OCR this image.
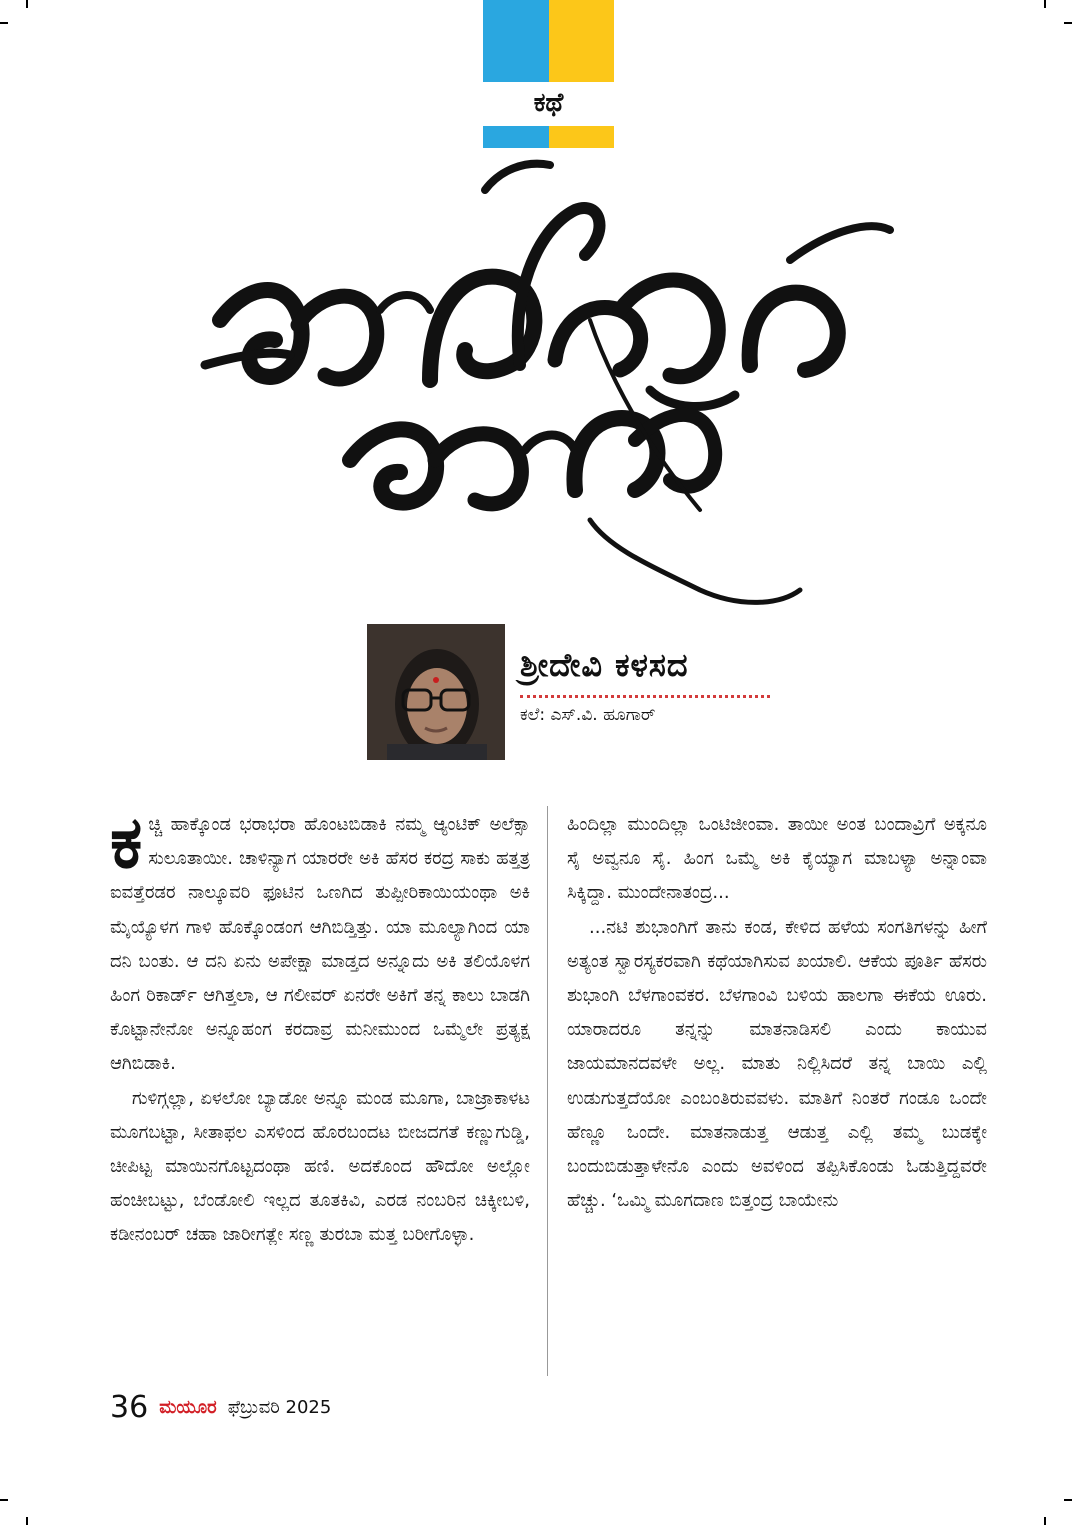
ಕಥೆ
ಶ್ರೀದೇವಿ ಕಳಸದ
ಕಲೆ: ಎಸ್‌.ವಿ. ಹೂಗಾರ್

ಕಚ್ಚಿ ಹಾಕ್ಕೊಂಡ ಭರಾಭರಾ ಹೊಂಟಬಿಡಾಕಿ ನಮ್ಮ ಆ್ಯಂಟಿಕ್ ಅಲೆಕ್ಸಾ ಸುಲೂತಾಯೀ. ಚಾಳಿನ್ಯಾಗ ಯಾರರೇ ಅಕಿ ಹೆಸರ ಕರದ್ರ ಸಾಕು ಹತ್ತತ್ರ ಐವತ್ತೆರಡರ ನಾಲ್ಕೂವರಿ ಫೂಟಿನ ಒಣಗಿದ ತುಪ್ಪೀರಿಕಾಯಿಯಂಥಾ ಅಕಿ ಮೈಯ್ಯೊಳಗ ಗಾಳಿ ಹೊಕ್ಕೊಂಡಂಗ ಆಗಿಬಿಡ್ತಿತ್ತು. ಯಾ ಮೂಲ್ಯಾಗಿಂದ ಯಾ ದನಿ ಬಂತು. ಆ ದನಿ ಏನು ಅಪೇಕ್ಷಾ ಮಾಡ್ತದ ಅನ್ನೂದು ಅಕಿ ತಲಿಯೊಳಗ ಹಿಂಗ ರಿಕಾರ್ಡ್ ಆಗಿತ್ತಲಾ, ಆ ಗಲೀವರ್ ಏನರೇ ಅಕಿಗೆ ತನ್ನ ಕಾಲು ಬಾಡಗಿ ಕೊಟ್ಟಾನೇನೋ ಅನ್ನೂಹಂಗ ಕರದಾವ್ರ ಮನೀಮುಂದ ಒಮ್ಮೆಲೇ ಪ್ರತ್ಯಕ್ಷ ಆಗಿಬಿಡಾಕಿ.

ಗುಳಿಗ್ಗಲ್ಲಾ, ಏಳಲೋ ಬ್ಯಾಡೋ ಅನ್ನೂ ಮಂಡ ಮೂಗಾ, ಬಾಜ್ರಾಕಾಳಟ ಮೂಗಬಟ್ಟಾ, ಸೀತಾಫಲ ಎಸಳಿಂದ ಹೊರಬಂದಟ ಬೀಜದಗತೆ ಕಣ್ಣುಗುಡ್ಡಿ, ಚೀಪಿಟ್ಟ ಮಾಯಿನಗೊಟ್ಟದಂಥಾ ಹಣಿ. ಅದಕೊಂದ ಹೌದೋ ಅಲ್ಲೋ ಹಂಚೀಬಟ್ಟು, ಬೆಂಡೋಲಿ ಇಲ್ಲದ ತೂತಕಿವಿ, ಎರಡ ನಂಬರಿನ ಚಿಕ್ಕೀಬಳಿ, ಕಡೀನಂಬರ್ ಚಹಾ ಜಾರೀಗತ್ಲೇ ಸಣ್ಣ ತುರಬಾ ಮತ್ತ ಬರೀಗೊಳ್ಳಾ.

ಹಿಂದಿಲ್ಲಾ ಮುಂದಿಲ್ಲಾ ಒಂಟಿಜೀಂವಾ. ತಾಯೀ ಅಂತ ಬಂದಾವ್ರಿಗೆ ಅಕ್ಕನೂ ಸೈ ಅವ್ವನೂ ಸೈ. ಹಿಂಗ ಒಮ್ಮೆ ಅಕಿ ಕೈಯ್ಯಾಗ ಮಾಬಳ್ಯಾ ಅನ್ನಾಂವಾ ಸಿಕ್ಕಿದ್ದಾ. ಮುಂದೇನಾತಂದ್ರ...

...ನಟಿ ಶುಭಾಂಗಿಗೆ ತಾನು ಕಂಡ, ಕೇಳಿದ ಹಳೆಯ ಸಂಗತಿಗಳನ್ನು ಹೀಗೆ ಅತ್ಯಂತ ಸ್ವಾರಸ್ಯಕರವಾಗಿ ಕಥೆಯಾಗಿಸುವ ಖಯಾಲಿ. ಆಕೆಯ ಪೂರ್ತಿ ಹೆಸರು ಶುಭಾಂಗಿ ಬೆಳಗಾಂವಕರ. ಬೆಳಗಾಂವಿ ಬಳಿಯ ಹಾಲಗಾ ಈಕೆಯ ಊರು. ಯಾರಾದರೂ ತನ್ನನ್ನು ಮಾತನಾಡಿಸಲಿ ಎಂದು ಕಾಯುವ ಜಾಯಮಾನದವಳೇ ಅಲ್ಲ. ಮಾತು ನಿಲ್ಲಿಸಿದರೆ ತನ್ನ ಬಾಯಿ ಎಲ್ಲಿ ಉಡುಗುತ್ತದೆಯೋ ಎಂಬಂತಿರುವವಳು. ಮಾತಿಗೆ ನಿಂತರೆ ಗಂಡೂ ಒಂದೇ ಹೆಣ್ಣೂ ಒಂದೇ. ಮಾತನಾಡುತ್ತ ಆಡುತ್ತ ಎಲ್ಲಿ ತಮ್ಮ ಬುಡಕ್ಕೇ ಬಂದುಬಿಡುತ್ತಾಳೇನೊ ಎಂದು ಅವಳಿಂದ ತಪ್ಪಿಸಿಕೊಂಡು ಓಡುತ್ತಿದ್ದವರೇ ಹೆಚ್ಚು. ‘ಒಮ್ಮಿ ಮೂಗದಾಣ ಬಿತ್ತಂದ್ರ ಬಾಯೇನು

36 ಮಯೂರ ಫೆಬ್ರುವರಿ 2025
